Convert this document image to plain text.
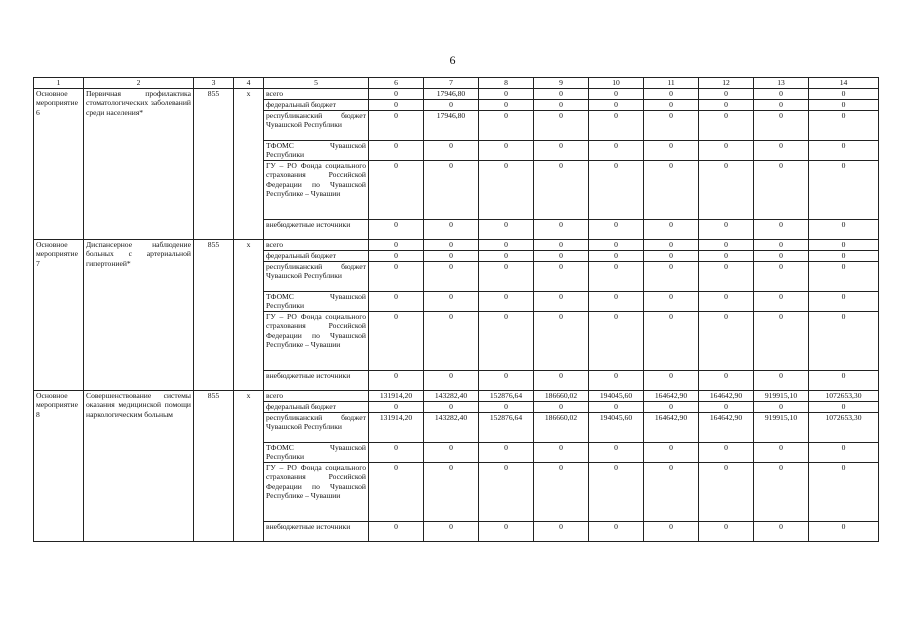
6
1	2	3	4	5	6	7	8	9	10	11	12	13	14
Основное мероприятие 6	Первичная профилактика стоматологических заболеваний среди населения*	855	x	всего	0	17946,80	0	0	0	0	0	0	0
				федеральный бюджет	0	0	0	0	0	0	0	0	0
				республиканский бюджет Чувашской Республики	0	17946,80	0	0	0	0	0	0	0
				ТФОМС Чувашской Республики	0	0	0	0	0	0	0	0	0
				ГУ – РО Фонда социального страхования Российской Федерации по Чувашской Республике – Чувашии	0	0	0	0	0	0	0	0	0
				внебюджетные источники	0	0	0	0	0	0	0	0	0
Основное мероприятие 7	Диспансерное наблюдение больных с артериальной гипертонией*	855	x	всего	0	0	0	0	0	0	0	0	0
				федеральный бюджет	0	0	0	0	0	0	0	0	0
				республиканский бюджет Чувашской Республики	0	0	0	0	0	0	0	0	0
				ТФОМС Чувашской Республики	0	0	0	0	0	0	0	0	0
				ГУ – РО Фонда социального страхования Российской Федерации по Чувашской Республике – Чувашии	0	0	0	0	0	0	0	0	0
				внебюджетные источники	0	0	0	0	0	0	0	0	0
Основное мероприятие 8	Совершенствование системы оказания медицинской помощи наркологическим больным	855	x	всего	131914,20	143282,40	152876,64	186660,02	194045,60	164642,90	164642,90	919915,10	1072653,30
				федеральный бюджет	0	0	0	0	0	0	0	0	0
				республиканский бюджет Чувашской Республики	131914,20	143282,40	152876,64	186660,02	194045,60	164642,90	164642,90	919915,10	1072653,30
				ТФОМС Чувашской Республики	0	0	0	0	0	0	0	0	0
				ГУ – РО Фонда социального страхования Российской Федерации по Чувашской Республике – Чувашии	0	0	0	0	0	0	0	0	0
				внебюджетные источники	0	0	0	0	0	0	0	0	0
